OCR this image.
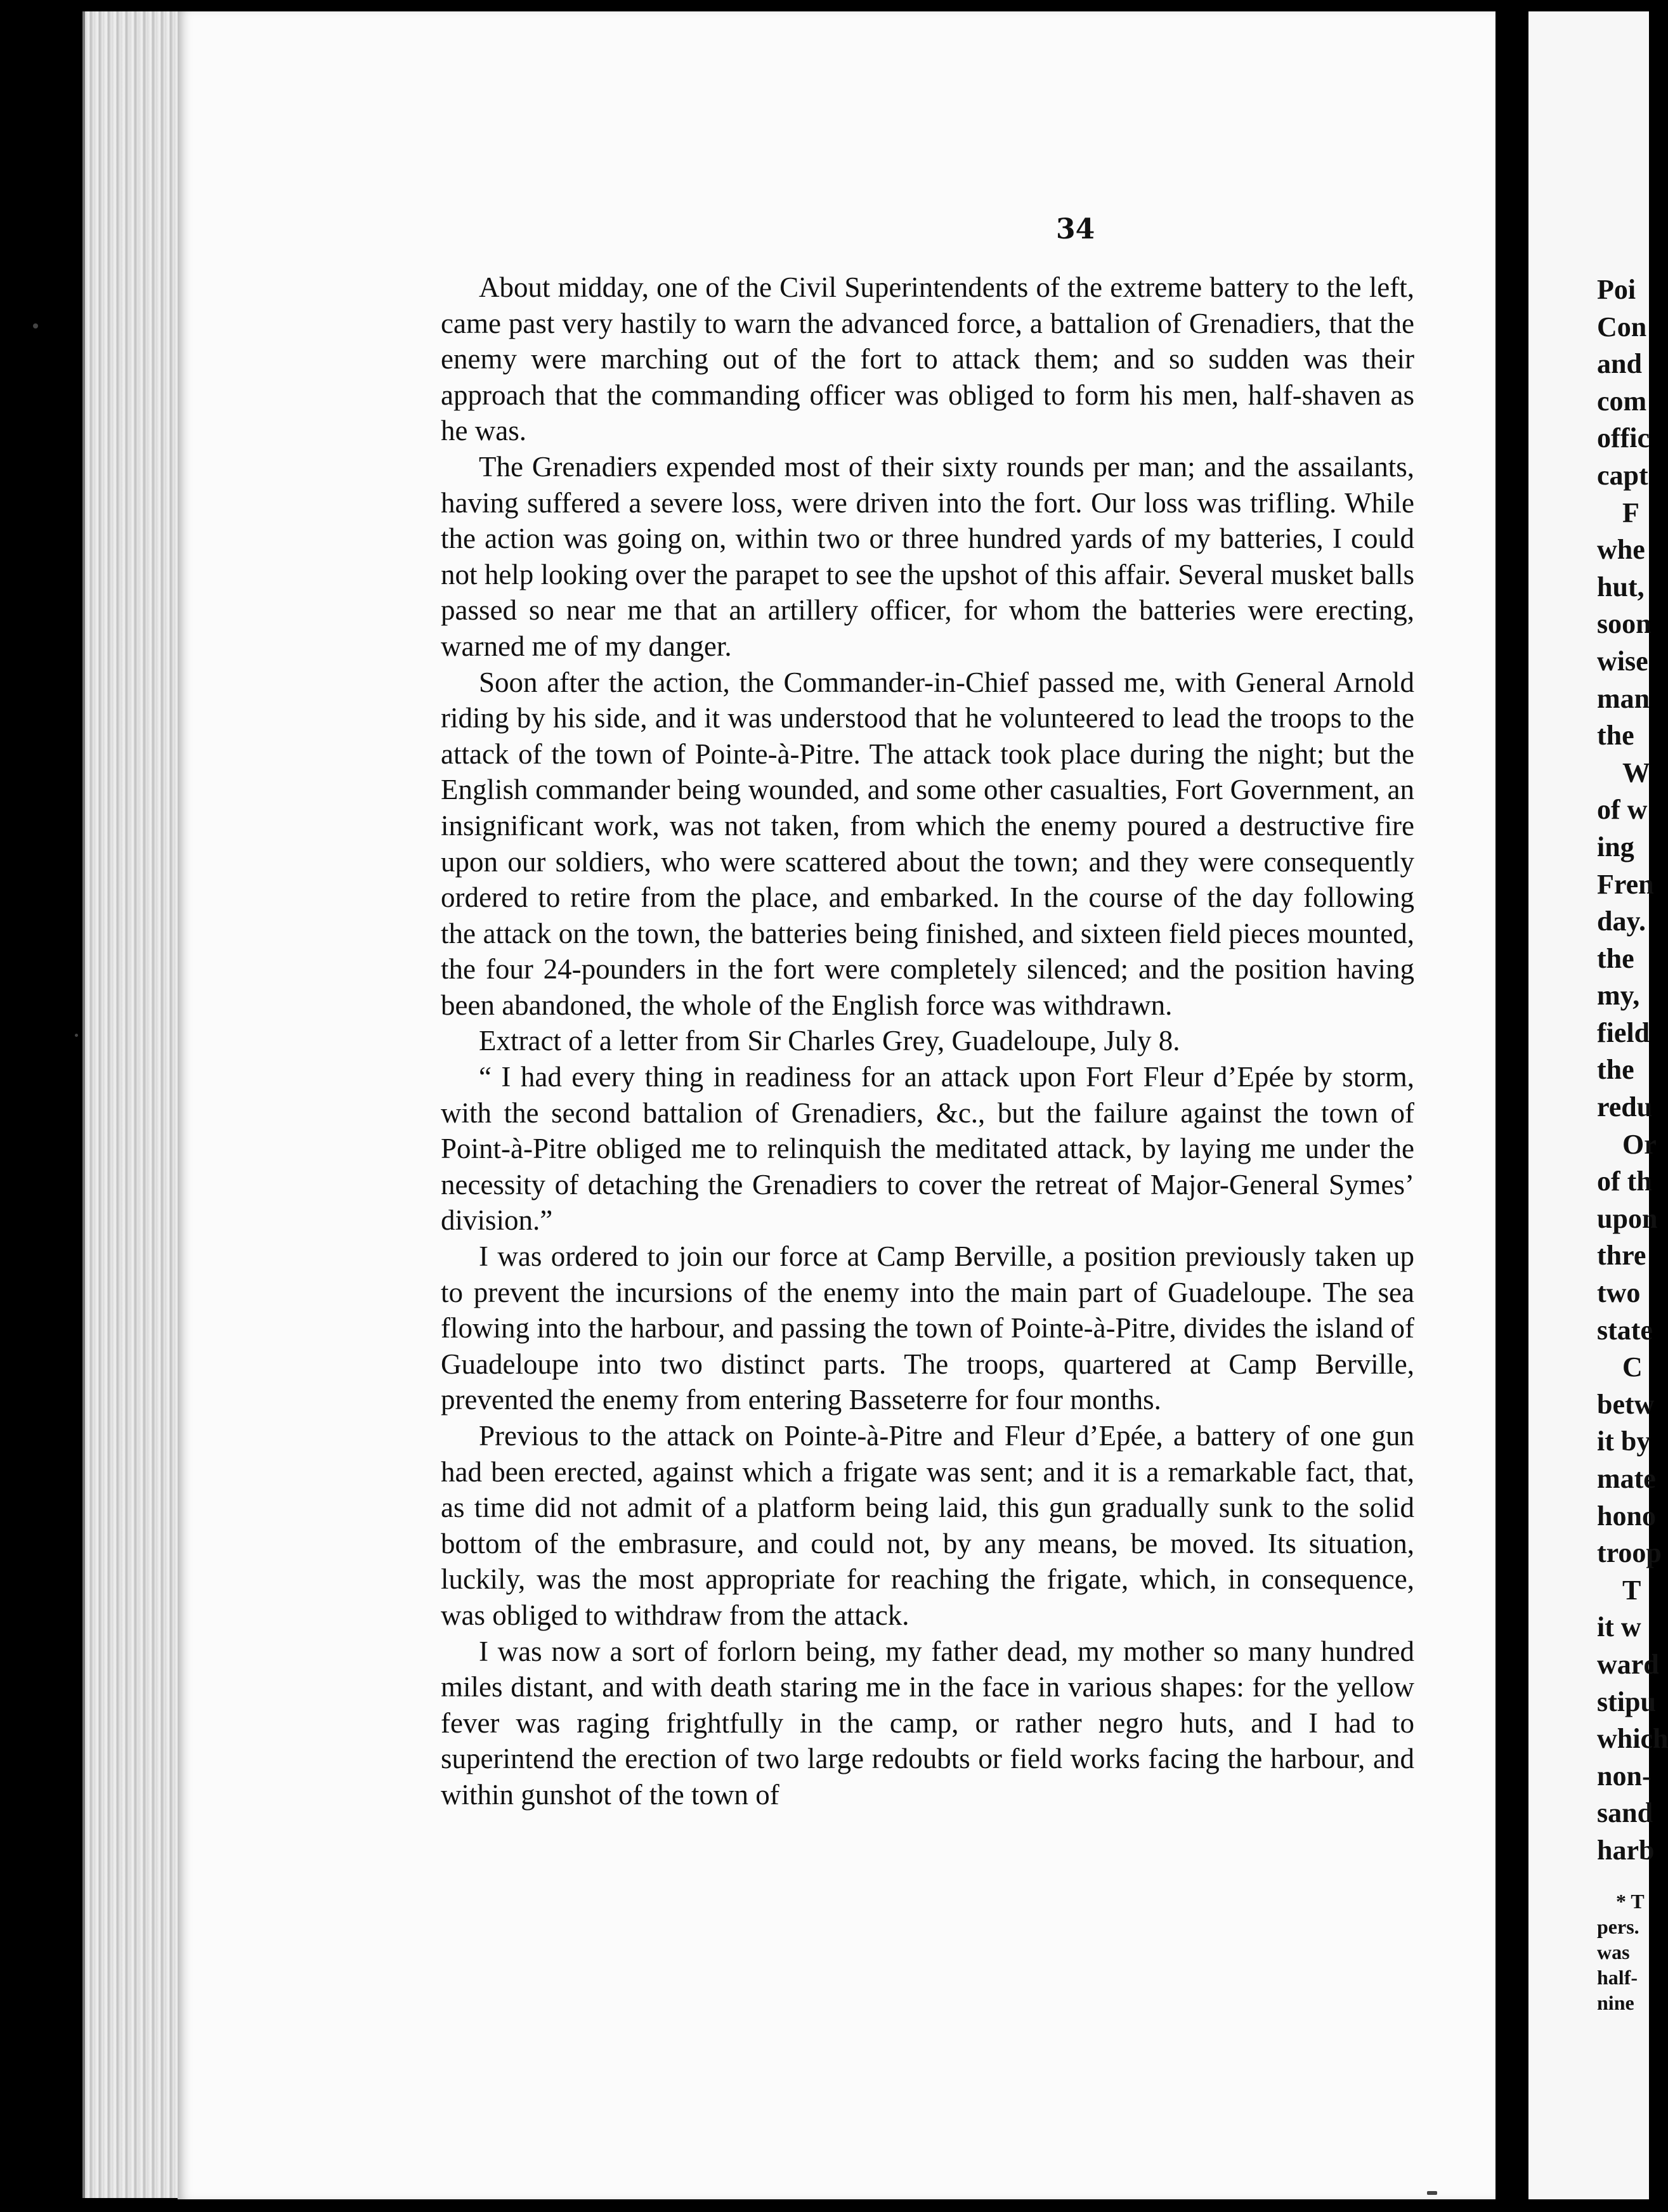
34

About midday, one of the Civil Superintendents of the extreme battery to the left, came past very hastily to warn the advanced force, a battalion of Grenadiers, that the enemy were marching out of the fort to attack them; and so sudden was their approach that the commanding officer was obliged to form his men, half-shaven as he was.

The Grenadiers expended most of their sixty rounds per man; and the assailants, having suffered a severe loss, were driven into the fort. Our loss was trifling. While the action was going on, within two or three hundred yards of my batteries, I could not help looking over the parapet to see the upshot of this affair. Several musket balls passed so near me that an artillery officer, for whom the batteries were erecting, warned me of my danger.

Soon after the action, the Commander-in-Chief passed me, with General Arnold riding by his side, and it was understood that he volunteered to lead the troops to the attack of the town of Pointe-à-Pitre. The attack took place during the night; but the English commander being wounded, and some other casualties, Fort Government, an insignificant work, was not taken, from which the enemy poured a destructive fire upon our soldiers, who were scattered about the town; and they were consequently ordered to retire from the place, and embarked. In the course of the day following the attack on the town, the batteries being finished, and sixteen field pieces mounted, the four 24-pounders in the fort were completely silenced; and the position having been abandoned, the whole of the English force was withdrawn.

Extract of a letter from Sir Charles Grey, Guadeloupe, July 8.

“ I had every thing in readiness for an attack upon Fort Fleur d’Epée by storm, with the second battalion of Grenadiers, &c., but the failure against the town of Point-à-Pitre obliged me to relinquish the meditated attack, by laying me under the necessity of detaching the Grenadiers to cover the retreat of Major-General Symes’ division.”

I was ordered to join our force at Camp Berville, a position previously taken up to prevent the incursions of the enemy into the main part of Guadeloupe. The sea flowing into the harbour, and passing the town of Pointe-à-Pitre, divides the island of Guadeloupe into two distinct parts. The troops, quartered at Camp Berville, prevented the enemy from entering Basseterre for four months.

Previous to the attack on Pointe-à-Pitre and Fleur d’Epée, a battery of one gun had been erected, against which a frigate was sent; and it is a remarkable fact, that, as time did not admit of a platform being laid, this gun gradually sunk to the solid bottom of the embrasure, and could not, by any means, be moved. Its situation, luckily, was the most appropriate for reaching the frigate, which, in consequence, was obliged to withdraw from the attack.

I was now a sort of forlorn being, my father dead, my mother so many hundred miles distant, and with death staring me in the face in various shapes: for the yellow fever was raging frightfully in the camp, or rather negro huts, and I had to superintend the erection of two large redoubts or field works facing the harbour, and within gunshot of the town of

Poi
Con
and
com
offic
capt
F
whe
hut,
soon
wise
man
the
W
of w
ing
Fren
day.
the
my,
field
the
redu
Or
of th
upon
thre
two
state
C
betw
it by
mate
hono
troop
T
it w
ward
stipu
which
non-
sand
harb
* T
pers.
was
half-
nine
